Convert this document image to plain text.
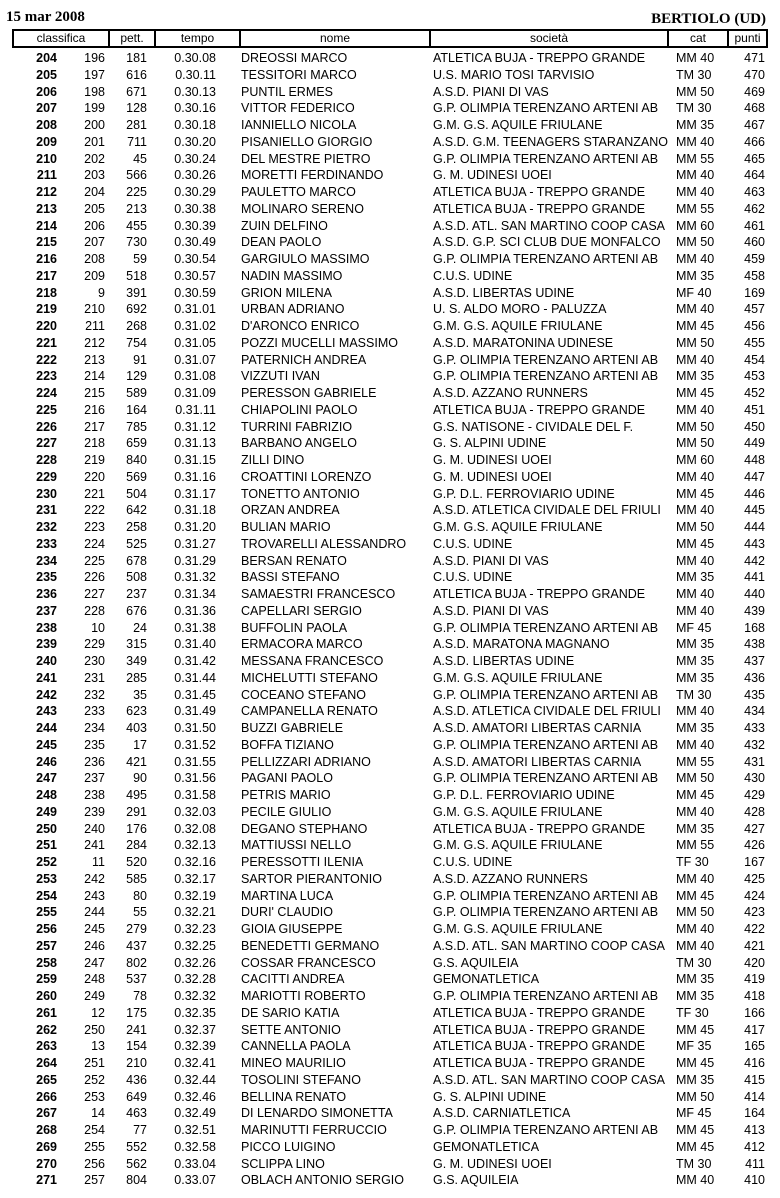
15 mar 2008	BERTIOLO (UD)
classifica	pett.	tempo	nome	società	cat	punti
204	196	181	0.30.08 DREOSSI MARCO	ATLETICA BUJA - TREPPO GRANDE	MM 40	471
205	197	616	0.30.11 TESSITORI MARCO	U.S. MARIO TOSI TARVISIO	TM 30	470
206	198	671	0.30.13 PUNTIL ERMES	A.S.D. PIANI DI VAS	MM 50	469
207	199	128	0.30.16 VITTOR FEDERICO	G.P. OLIMPIA TERENZANO ARTENI AB	TM 30	468
208	200	281	0.30.18 IANNIELLO NICOLA	G.M. G.S. AQUILE FRIULANE	MM 35	467
209	201	711	0.30.20 PISANIELLO GIORGIO	A.S.D. G.M. TEENAGERS STARANZANO MM 40	466
210	202	45	0.30.24 DEL MESTRE PIETRO	G.P. OLIMPIA TERENZANO ARTENI AB	MM 55	465
211	203	566	0.30.26 MORETTI FERDINANDO	G. M. UDINESI UOEI	MM 40	464
212	204	225	0.30.29 PAULETTO MARCO	ATLETICA BUJA - TREPPO GRANDE	MM 40	463
213	205	213	0.30.38 MOLINARO SERENO	ATLETICA BUJA - TREPPO GRANDE	MM 55	462
214	206	455	0.30.39 ZUIN DELFINO	A.S.D. ATL. SAN MARTINO COOP CASA MM 60	461
215	207	730	0.30.49 DEAN PAOLO	A.S.D. G.P. SCI CLUB DUE MONFALCO	MM 50	460
216	208	59	0.30.54 GARGIULO MASSIMO	G.P. OLIMPIA TERENZANO ARTENI AB	MM 40	459
217	209	518	0.30.57 NADIN MASSIMO	C.U.S. UDINE	MM 35	458
218	9	391	0.30.59 GRION MILENA	A.S.D. LIBERTAS UDINE	MF 40	169
219	210	692	0.31.01 URBAN ADRIANO	U. S. ALDO MORO - PALUZZA	MM 40	457
220	211	268	0.31.02 D'ARONCO ENRICO	G.M. G.S. AQUILE FRIULANE	MM 45	456
221	212	754	0.31.05 POZZI MUCELLI MASSIMO	A.S.D. MARATONINA UDINESE	MM 50	455
222	213	91	0.31.07 PATERNICH ANDREA	G.P. OLIMPIA TERENZANO ARTENI AB	MM 40	454
223	214	129	0.31.08 VIZZUTI IVAN	G.P. OLIMPIA TERENZANO ARTENI AB	MM 35	453
224	215	589	0.31.09 PERESSON GABRIELE	A.S.D. AZZANO RUNNERS	MM 45	452
225	216	164	0.31.11 CHIAPOLINI PAOLO	ATLETICA BUJA - TREPPO GRANDE	MM 40	451
226	217	785	0.31.12 TURRINI FABRIZIO	G.S. NATISONE - CIVIDALE DEL F.	MM 50	450
227	218	659	0.31.13 BARBANO ANGELO	G. S. ALPINI UDINE	MM 50	449
228	219	840	0.31.15 ZILLI DINO	G. M. UDINESI UOEI	MM 60	448
229	220	569	0.31.16 CROATTINI LORENZO	G. M. UDINESI UOEI	MM 40	447
230	221	504	0.31.17 TONETTO ANTONIO	G.P. D.L. FERROVIARIO UDINE	MM 45	446
231	222	642	0.31.18 ORZAN ANDREA	A.S.D. ATLETICA CIVIDALE DEL FRIULI	MM 40	445
232	223	258	0.31.20 BULIAN MARIO	G.M. G.S. AQUILE FRIULANE	MM 50	444
233	224	525	0.31.27 TROVARELLI ALESSANDRO	C.U.S. UDINE	MM 45	443
234	225	678	0.31.29 BERSAN RENATO	A.S.D. PIANI DI VAS	MM 40	442
235	226	508	0.31.32 BASSI STEFANO	C.U.S. UDINE	MM 35	441
236	227	237	0.31.34 SAMAESTRI FRANCESCO	ATLETICA BUJA - TREPPO GRANDE	MM 40	440
237	228	676	0.31.36 CAPELLARI SERGIO	A.S.D. PIANI DI VAS	MM 40	439
238	10	24	0.31.38 BUFFOLIN PAOLA	G.P. OLIMPIA TERENZANO ARTENI AB	MF 45	168
239	229	315	0.31.40 ERMACORA MARCO	A.S.D. MARATONA MAGNANO	MM 35	438
240	230	349	0.31.42 MESSANA FRANCESCO	A.S.D. LIBERTAS UDINE	MM 35	437
241	231	285	0.31.44 MICHELUTTI STEFANO	G.M. G.S. AQUILE FRIULANE	MM 35	436
242	232	35	0.31.45 COCEANO STEFANO	G.P. OLIMPIA TERENZANO ARTENI AB	TM 30	435
243	233	623	0.31.49 CAMPANELLA RENATO	A.S.D. ATLETICA CIVIDALE DEL FRIULI	MM 40	434
244	234	403	0.31.50 BUZZI GABRIELE	A.S.D. AMATORI LIBERTAS CARNIA	MM 35	433
245	235	17	0.31.52 BOFFA TIZIANO	G.P. OLIMPIA TERENZANO ARTENI AB	MM 40	432
246	236	421	0.31.55 PELLIZZARI ADRIANO	A.S.D. AMATORI LIBERTAS CARNIA	MM 55	431
247	237	90	0.31.56 PAGANI PAOLO	G.P. OLIMPIA TERENZANO ARTENI AB	MM 50	430
248	238	495	0.31.58 PETRIS MARIO	G.P. D.L. FERROVIARIO UDINE	MM 45	429
249	239	291	0.32.03 PECILE GIULIO	G.M. G.S. AQUILE FRIULANE	MM 40	428
250	240	176	0.32.08 DEGANO STEPHANO	ATLETICA BUJA - TREPPO GRANDE	MM 35	427
251	241	284	0.32.13 MATTIUSSI NELLO	G.M. G.S. AQUILE FRIULANE	MM 55	426
252	11	520	0.32.16 PERESSOTTI ILENIA	C.U.S. UDINE	TF 30	167
253	242	585	0.32.17 SARTOR PIERANTONIO	A.S.D. AZZANO RUNNERS	MM 40	425
254	243	80	0.32.19 MARTINA LUCA	G.P. OLIMPIA TERENZANO ARTENI AB	MM 45	424
255	244	55	0.32.21 DURI' CLAUDIO	G.P. OLIMPIA TERENZANO ARTENI AB	MM 50	423
256	245	279	0.32.23 GIOIA GIUSEPPE	G.M. G.S. AQUILE FRIULANE	MM 40	422
257	246	437	0.32.25 BENEDETTI GERMANO	A.S.D. ATL. SAN MARTINO COOP CASA MM 40	421
258	247	802	0.32.26 COSSAR FRANCESCO	G.S. AQUILEIA	TM 30	420
259	248	537	0.32.28 CACITTI ANDREA	GEMONATLETICA	MM 35	419
260	249	78	0.32.32 MARIOTTI ROBERTO	G.P. OLIMPIA TERENZANO ARTENI AB	MM 35	418
261	12	175	0.32.35 DE SARIO KATIA	ATLETICA BUJA - TREPPO GRANDE	TF 30	166
262	250	241	0.32.37 SETTE ANTONIO	ATLETICA BUJA - TREPPO GRANDE	MM 45	417
263	13	154	0.32.39 CANNELLA PAOLA	ATLETICA BUJA - TREPPO GRANDE	MF 35	165
264	251	210	0.32.41 MINEO MAURILIO	ATLETICA BUJA - TREPPO GRANDE	MM 45	416
265	252	436	0.32.44 TOSOLINI STEFANO	A.S.D. ATL. SAN MARTINO COOP CASA MM 35	415
266	253	649	0.32.46 BELLINA RENATO	G. S. ALPINI UDINE	MM 50	414
267	14	463	0.32.49 DI LENARDO SIMONETTA	A.S.D. CARNIATLETICA	MF 45	164
268	254	77	0.32.51 MARINUTTI FERRUCCIO	G.P. OLIMPIA TERENZANO ARTENI AB	MM 45	413
269	255	552	0.32.58 PICCO LUIGINO	GEMONATLETICA	MM 45	412
270	256	562	0.33.04 SCLIPPA LINO	G. M. UDINESI UOEI	TM 30	411
271	257	804	0.33.07 OBLACH ANTONIO SERGIO	G.S. AQUILEIA	MM 40	410
